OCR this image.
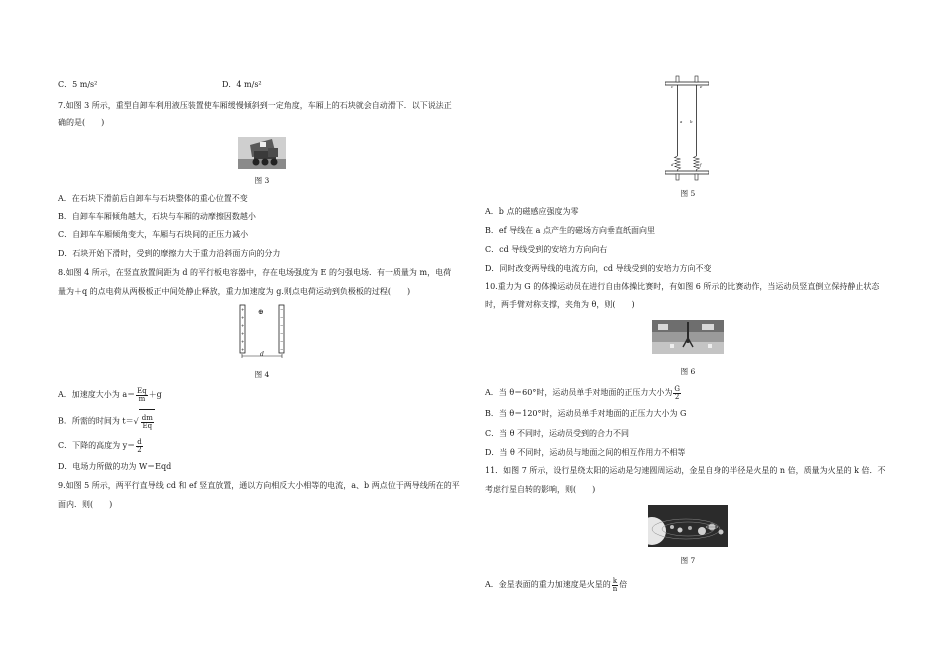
C．5 m/s²	D．4 m/s²
7.如图 3 所示，重型自卸车利用液压装置使车厢缓慢倾斜到一定角度，车厢上的石块就会自动滑下．以下说法正
确的是(　　)
图 3
A．在石块下滑前后自卸车与石块整体的重心位置不变
B．自卸车车厢倾角越大，石块与车厢的动摩擦因数越小
C．自卸车车厢倾角变大，车厢与石块间的正压力减小
D．石块开始下滑时，受到的摩擦力大于重力沿斜面方向的分力
8.如图 4 所示，在竖直放置间距为 d 的平行板电容器中，存在电场强度为 E 的匀强电场．有一质量为 m，电荷
量为＋q 的点电荷从两极板正中间处静止释放，重力加速度为 g.则点电荷运动到负极板的过程(　　)
+
+
+
+
+
+
−
−
−
−
−
−
⊕
d
图 4
A．加速度大小为 $a= \frac{Eq}{m} +g$
B．所需的时间为 $t=√ \frac{dm}{Eq}$
C．下降的高度为 $y= \frac{d}{2}$
D．电场力所做的功为 W＝Eqd
9.如图 5 所示，两平行直导线 cd 和 ef 竖直放置，通以方向相反大小相等的电流，a、b 两点位于两导线所在的平
面内．则(　　)
c	e
a b
d	f
图 5
A．b 点的磁感应强度为零
B．ef 导线在 a 点产生的磁场方向垂直纸面向里
C．cd 导线受到的安培力方向向右
D．同时改变两导线的电流方向，cd 导线受到的安培力方向不变
10.重力为 G 的体操运动员在进行自由体操比赛时，有如图 6 所示的比赛动作，当运动员竖直倒立保持静止状态
时，两手臂对称支撑，夹角为 θ，则(　　)
图 6
A．当 θ＝60°时，运动员单手对地面的正压力大小为 $\frac{G}{2}$
B．当 θ＝120°时，运动员单手对地面的正压力大小为 G
C．当 θ 不同时，运动员受到的合力不同
D．当 θ 不同时，运动员与地面之间的相互作用力不相等
11．如图 7 所示，设行星绕太阳的运动是匀速圆周运动，金星自身的半径是火星的 n 倍，质量为火星的 k 倍．不
考虑行星自转的影响，则(　　)
图 7
A．金星表面的重力加速度是火星的 $\frac{k}{n}$ 倍
